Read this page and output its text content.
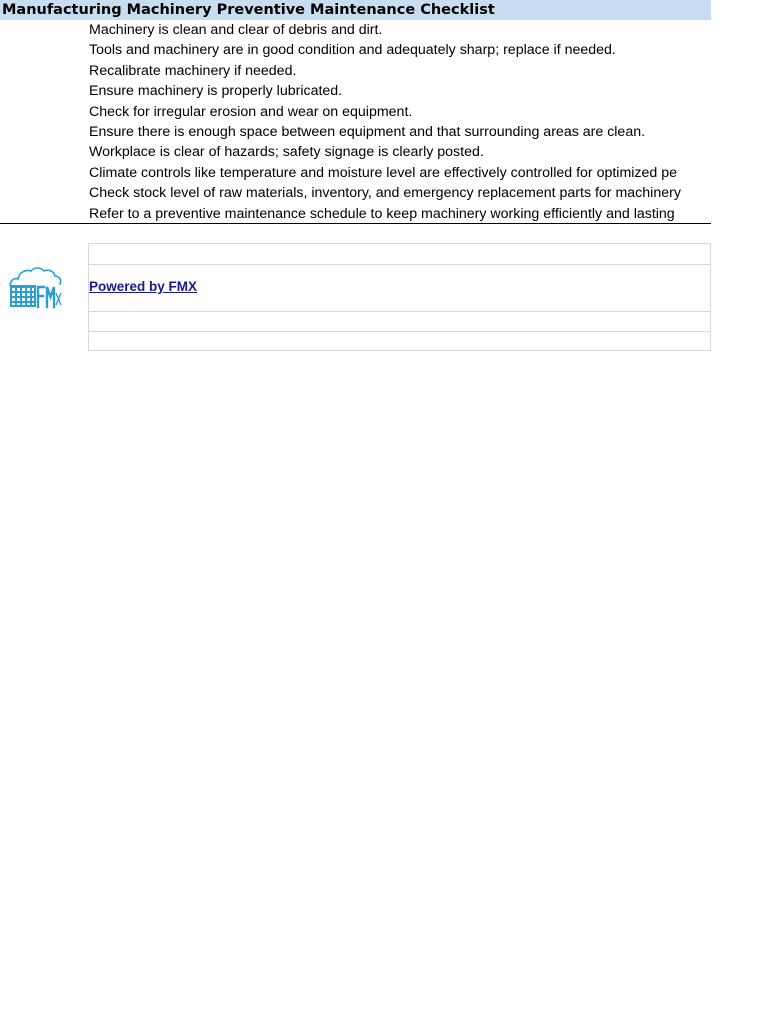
Manufacturing Machinery Preventive Maintenance Checklist
Machinery is clean and clear of debris and dirt.
Tools and machinery are in good condition and adequately sharp; replace if needed.
Recalibrate machinery if needed.
Ensure machinery is properly lubricated.
Check for irregular erosion and wear on equipment.
Ensure there is enough space between equipment and that surrounding areas are clean.
Workplace is clear of hazards; safety signage is clearly posted.
Climate controls like temperature and moisture level are effectively controlled for optimized pe
Check stock level of raw materials, inventory, and emergency replacement parts for machinery
Refer to a preventive maintenance schedule to keep machinery working efficiently and lasting
Powered by FMX
